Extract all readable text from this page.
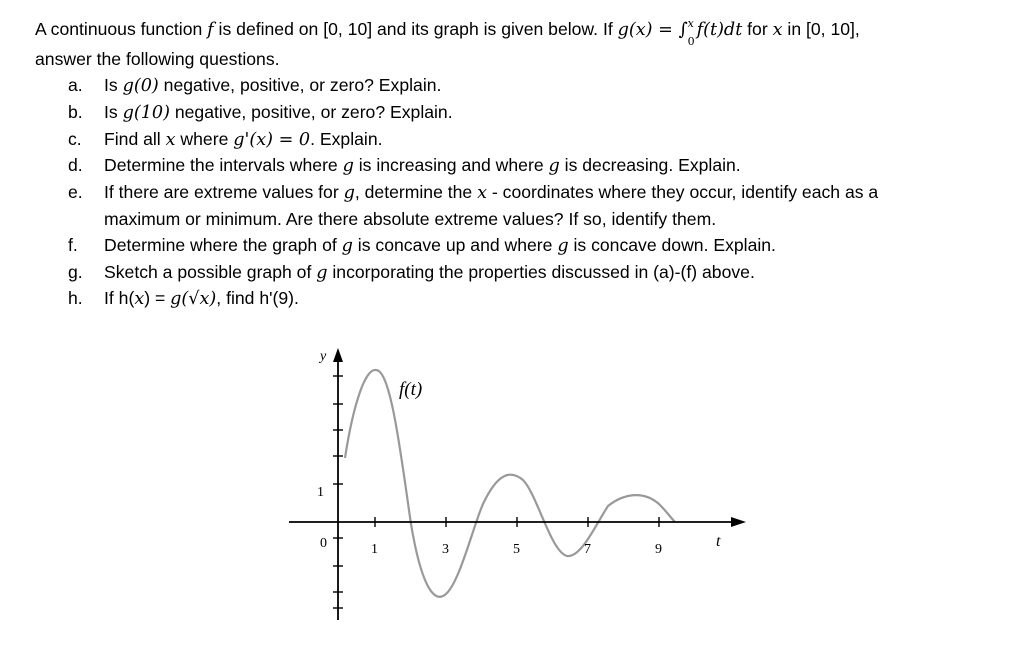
A continuous function f is defined on [0, 10] and its graph is given below. If g(x) = ∫ x
0
f(t)dt for x in [0, 10],
answer the following questions.

a. Is g(0) negative, positive, or zero? Explain.
b. Is g(10) negative, positive, or zero? Explain.
c. Find all x where g'(x) = 0. Explain.
d. Determine the intervals where g is increasing and where g is decreasing. Explain.
e. If there are extreme values for g, determine the x - coordinates where they occur, identify each as a
maximum or minimum. Are there absolute extreme values? If so, identify them.
f. Determine where the graph of g is concave up and where g is concave down. Explain.
g. Sketch a possible graph of g incorporating the properties discussed in (a)-(f) above.
h. If h(x) = g(√x), find h'(9).
y
t
f(t)
1
0	1	3	5	7	9
